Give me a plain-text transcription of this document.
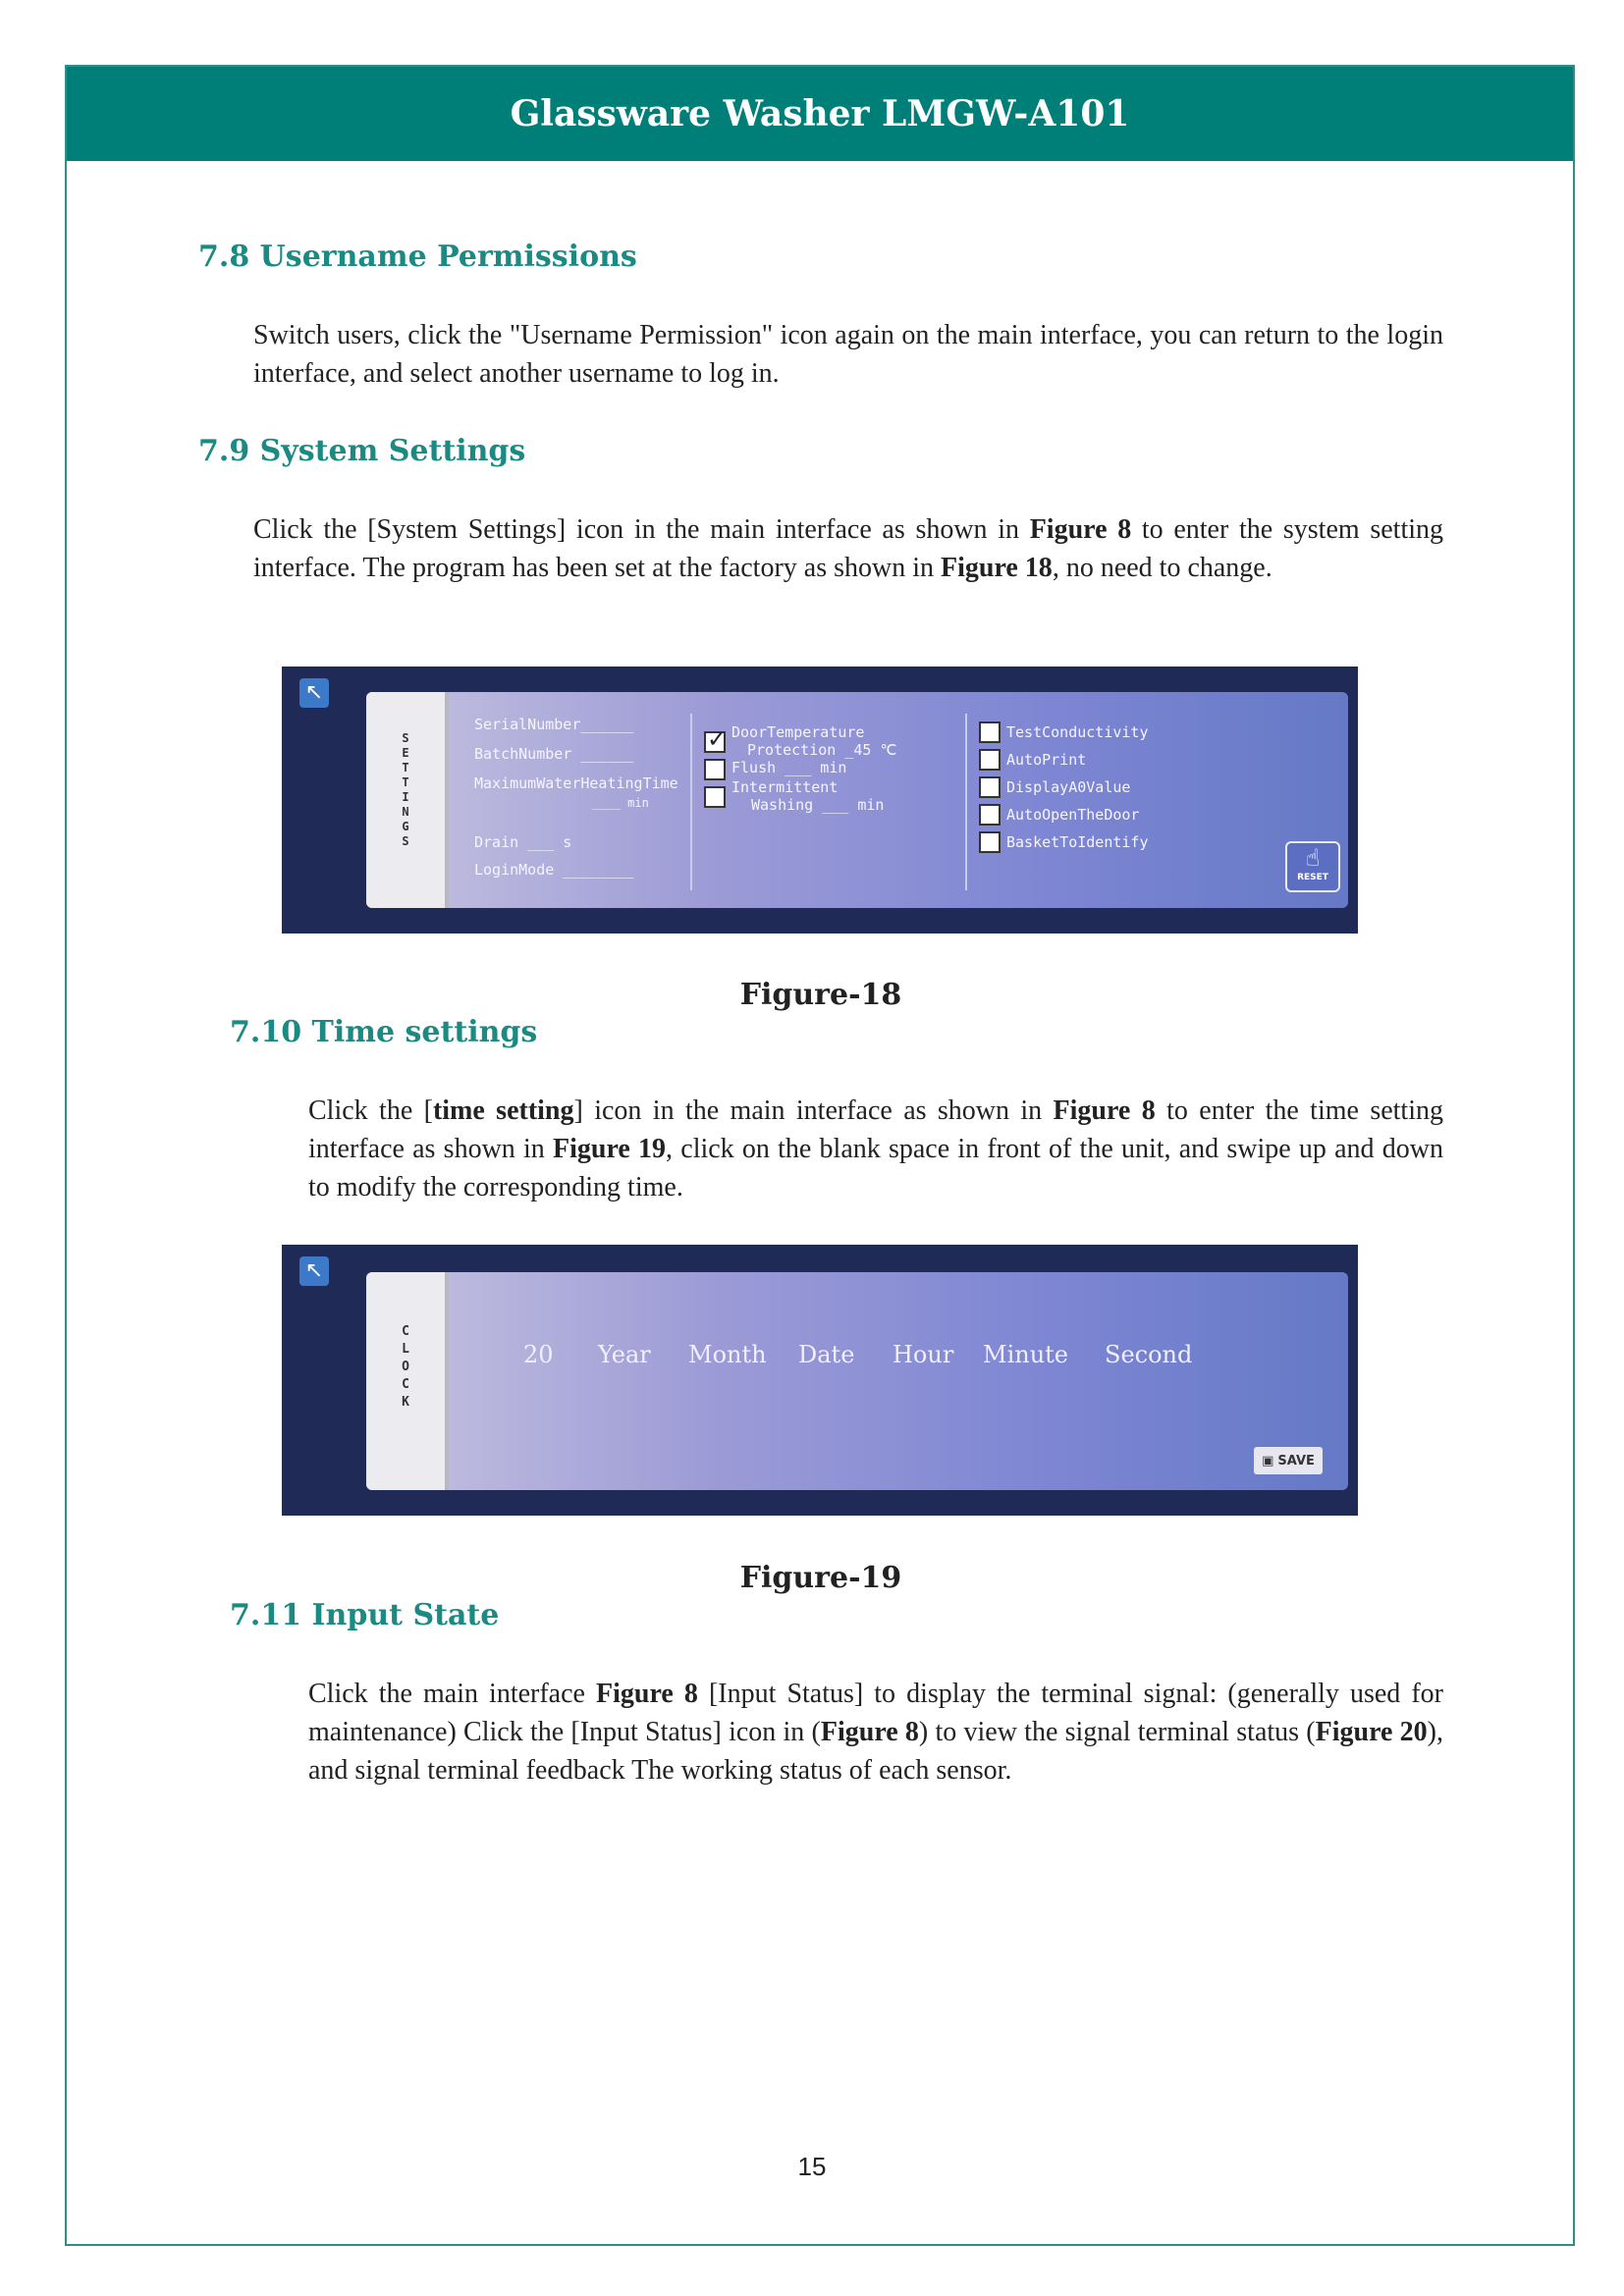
Glassware Washer LMGW-A101
7.8 Username Permissions
Switch users, click the "Username Permission" icon again on the main interface, you can return to the login interface, and select another username to log in.
7.9 System Settings
Click the [System Settings] icon in the main interface as shown in Figure 8 to enter the system setting interface. The program has been set at the factory as shown in Figure 18, no need to change.
↖
S
E
T
T
I
N
G
S
SerialNumber______
BatchNumber ______
MaximumWaterHeatingTime
____ min
Drain ___ s
LoginMode ________
✓ DoorTemperature
Protection _45 ℃
Flush ___ min
Intermittent
Washing ___ min
TestConductivity
AutoPrint
DisplayA0Value
AutoOpenTheDoor
BasketToIdentify
☝
RESET
Figure-18
7.10 Time settings
Click the [time setting] icon in the main interface as shown in Figure 8 to enter the time setting interface as shown in Figure 19, click on the blank space in front of the unit, and swipe up and down to modify the corresponding time.
↖
C
L
O
C
K
20 Year Month Date Hour Minute Second
▣ SAVE
Figure-19
7.11 Input State
Click the main interface Figure 8 [Input Status] to display the terminal signal: (generally used for maintenance) Click the [Input Status] icon in (Figure 8) to view the signal terminal status (Figure 20), and signal terminal feedback The working status of each sensor.
15
